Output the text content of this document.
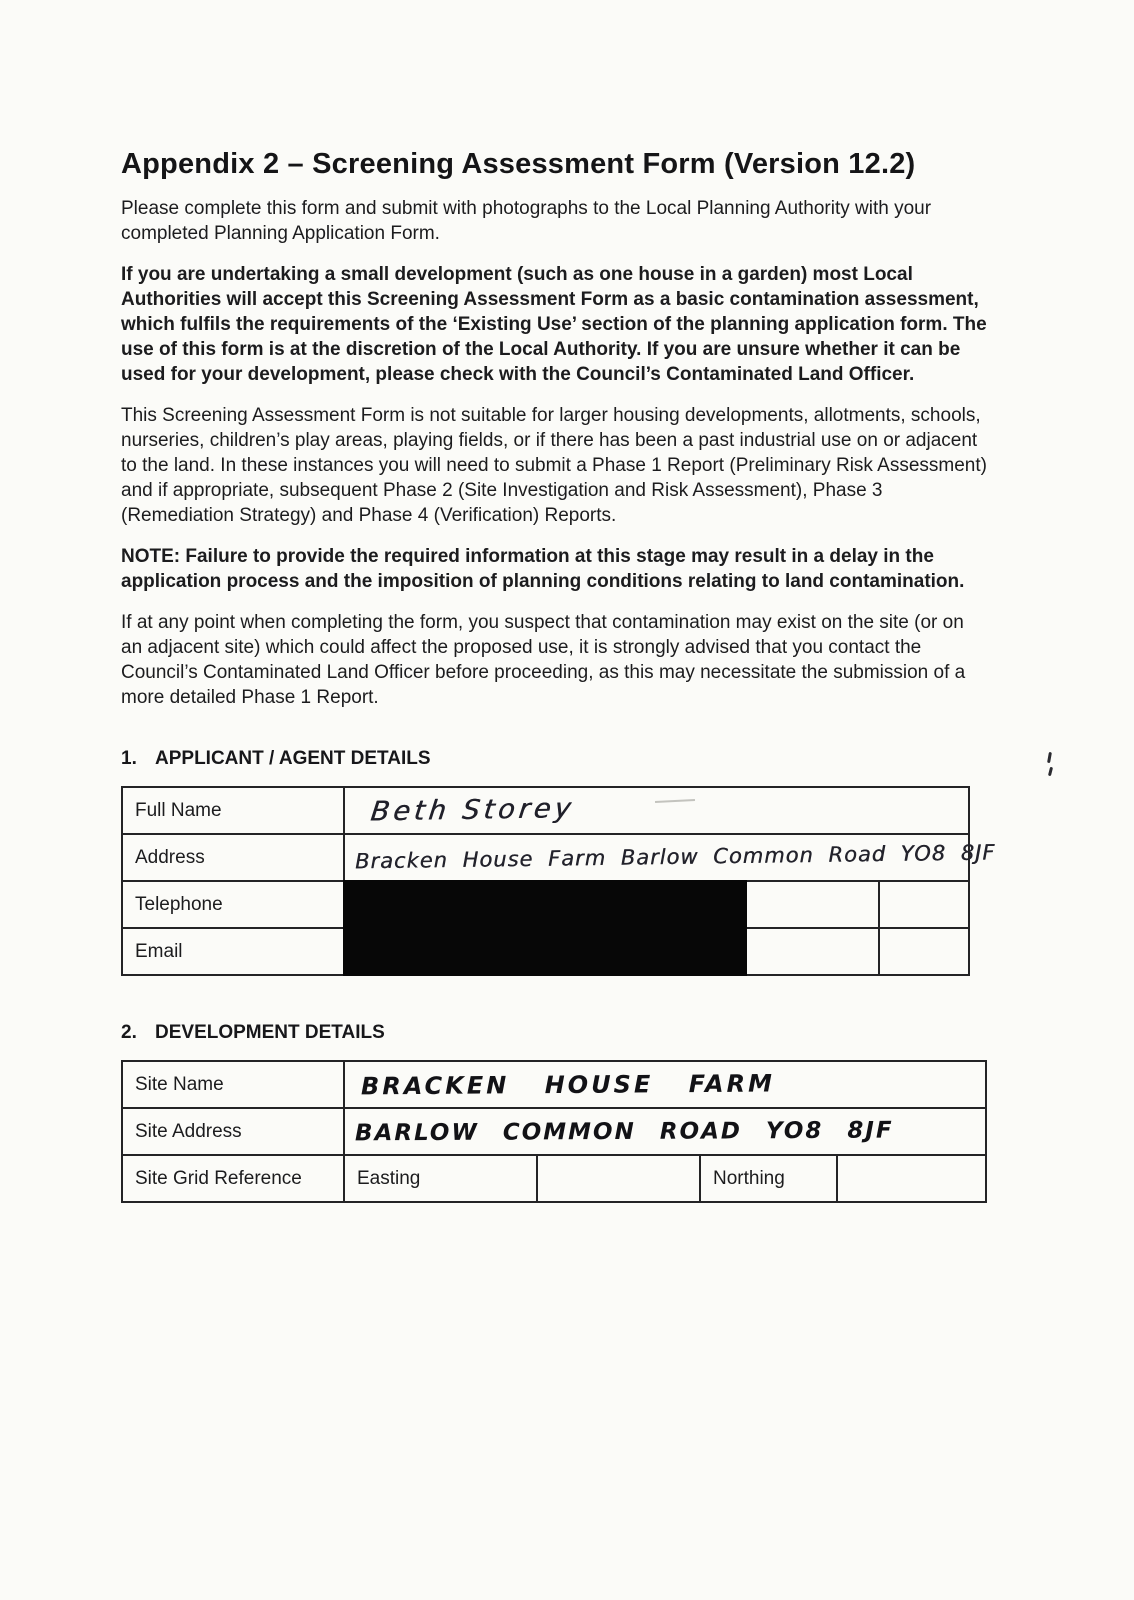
Appendix 2 – Screening Assessment Form (Version 12.2)

Please complete this form and submit with photographs to the Local Planning Authority with your completed Planning Application Form.

If you are undertaking a small development (such as one house in a garden) most Local Authorities will accept this Screening Assessment Form as a basic contamination assessment, which fulfils the requirements of the ‘Existing Use’ section of the planning application form. The use of this form is at the discretion of the Local Authority. If you are unsure whether it can be used for your development, please check with the Council’s Contaminated Land Officer.

This Screening Assessment Form is not suitable for larger housing developments, allotments, schools, nurseries, children’s play areas, playing fields, or if there has been a past industrial use on or adjacent to the land. In these instances you will need to submit a Phase 1 Report (Preliminary Risk Assessment) and if appropriate, subsequent Phase 2 (Site Investigation and Risk Assessment), Phase 3 (Remediation Strategy) and Phase 4 (Verification) Reports.

NOTE: Failure to provide the required information at this stage may result in a delay in the application process and the imposition of planning conditions relating to land contamination.

If at any point when completing the form, you suspect that contamination may exist on the site (or on an adjacent site) which could affect the proposed use, it is strongly advised that you contact the Council’s Contaminated Land Officer before proceeding, as this may necessitate the submission of a more detailed Phase 1 Report.

1. APPLICANT / AGENT DETAILS
Full Name	Beth Storey	
Address	Bracken House Farm Barlow Common Road YO8 8JF	
Telephone	

Email	

2. DEVELOPMENT DETAILS
Site Name	BRACKEN HOUSE FARM			
Site Address	BARLOW COMMON ROAD YO8 8JF			
Site Grid Reference	Easting		Northing	
